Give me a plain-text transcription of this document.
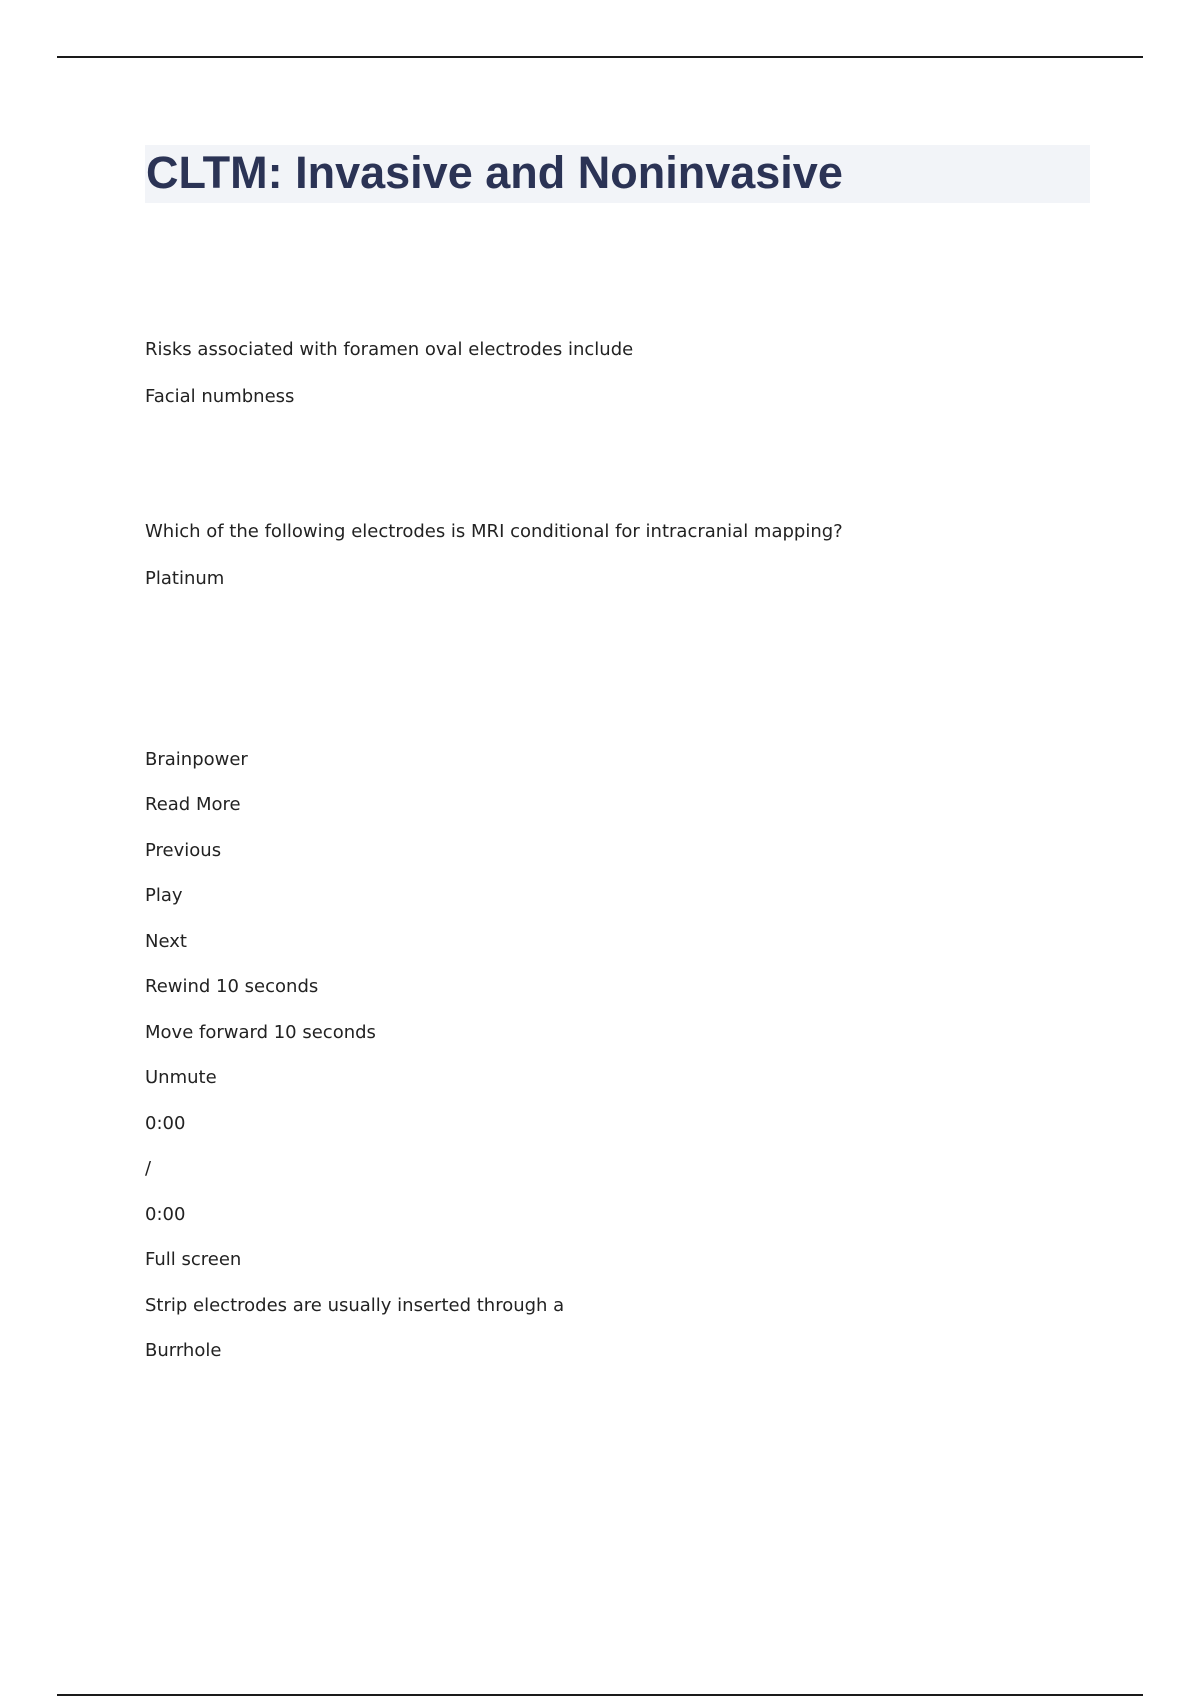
CLTM: Invasive and Noninvasive

Risks associated with foramen oval electrodes include

Facial numbness

Which of the following electrodes is MRI conditional for intracranial mapping?

Platinum

Brainpower

Read More

Previous

Play

Next

Rewind 10 seconds

Move forward 10 seconds

Unmute

0:00

/

0:00

Full screen

Strip electrodes are usually inserted through a

Burrhole
